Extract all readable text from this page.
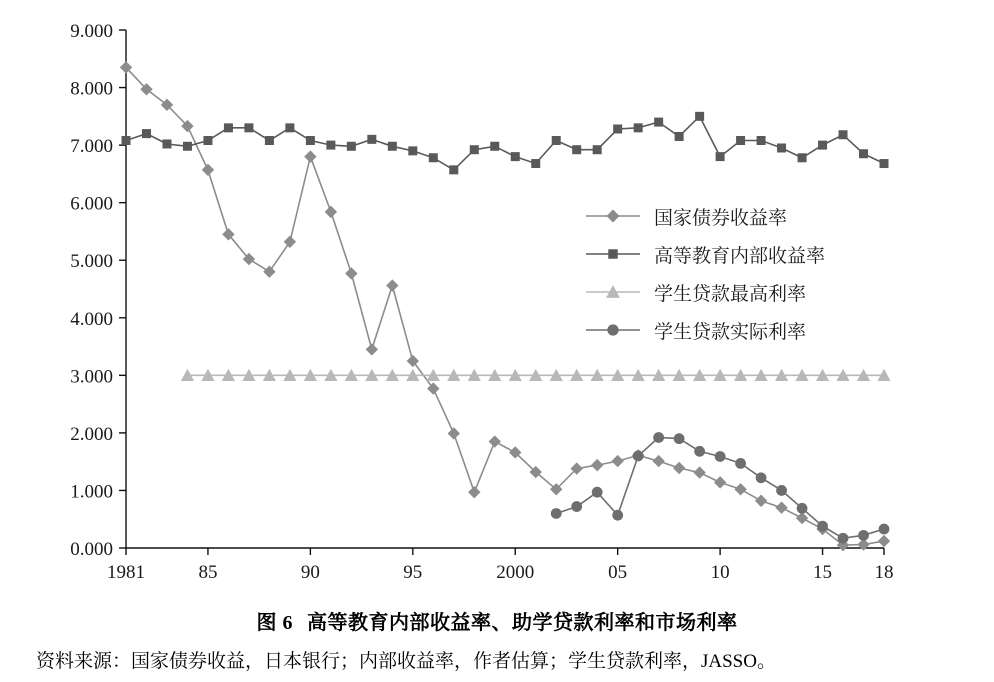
0.000
1.000
2.000
3.000
4.000
5.000
6.000
7.000
8.000
9.000
1981	85	90	95	2000	05	10	15 18
国家债券收益率
高等教育内部收益率
学生贷款最高利率
学生贷款实际利率
图 6 高等教育内部收益率、助学贷款利率和市场利率
资料来源：国家债券收益，日本银行；内部收益率，作者估算；学生贷款利率，JASSO。
